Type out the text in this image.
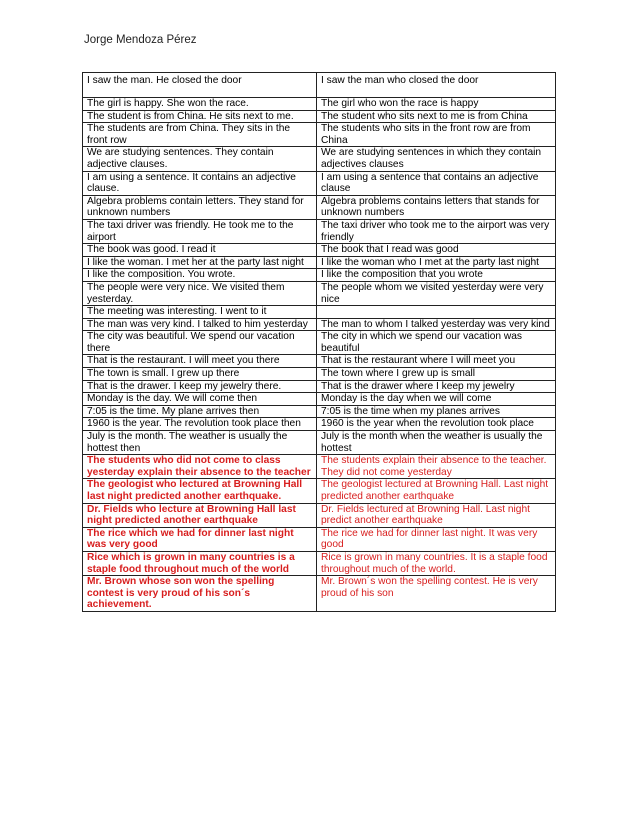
Jorge Mendoza Pérez
I saw the man. He closed the door	I saw the man who closed the door
The girl is happy. She won the race.	The girl who won the race is happy
The student is from China. He sits next to me.	The student who sits next to me is from China
The students are from China. They sits in the front row	The students who sits in the front row are from China
We are studying sentences. They contain adjective clauses.	We are studying sentences in which they contain adjectives clauses
I am using a sentence. It contains an adjective clause.	I am using a sentence that contains an adjective clause
Algebra problems contain letters. They stand for unknown numbers	Algebra problems contains letters that stands for unknown numbers
The taxi driver was friendly. He took me to the airport	The taxi driver who took me to the airport was very friendly
The book was good. I read it	The book that I read was good
I like the woman. I met her at the party last night	I like the woman who I met at the party last night
I like the composition. You wrote.	I like the composition that you wrote
The people were very nice. We visited them yesterday.	The people whom we visited yesterday were very nice
The meeting was interesting. I went to it	
The man was very kind. I talked to him yesterday	The man to whom I talked yesterday was very kind
The city was beautiful. We spend our vacation there	The city in which we spend our vacation was beautiful
That is the restaurant. I will meet you there	That is the restaurant where I will meet you
The town is small. I grew up there	The town where I grew up is small
That is the drawer. I keep my jewelry there.	That is the drawer where I keep my jewelry
Monday is the day. We will come then	Monday is the day when we will come
7:05 is the time. My plane arrives then	7:05 is the time when my planes arrives
1960 is the year. The revolution took place then	1960 is the year when the revolution took place
July is the month. The weather is usually the hottest then	July is the month when the weather is usually the hottest
The students who did not come to class yesterday explain their absence to the teacher	The students explain their absence to the teacher. They did not come yesterday
The geologist who lectured at Browning Hall last night predicted another earthquake.	The geologist lectured at Browning Hall. Last night predicted another earthquake
Dr. Fields who lecture at Browning Hall last night predicted another earthquake	Dr. Fields lectured at Browning Hall. Last night predict another earthquake
The rice which we had for dinner last night was very good	The rice we had for dinner last night. It was very good
Rice which is grown in many countries is a staple food throughout much of the world	Rice is grown in many countries. It is a staple food throughout much of the world.
Mr. Brown whose son won the spelling contest is very proud of his son´s achievement.	Mr. Brown´s won the spelling contest. He is very proud of his son
